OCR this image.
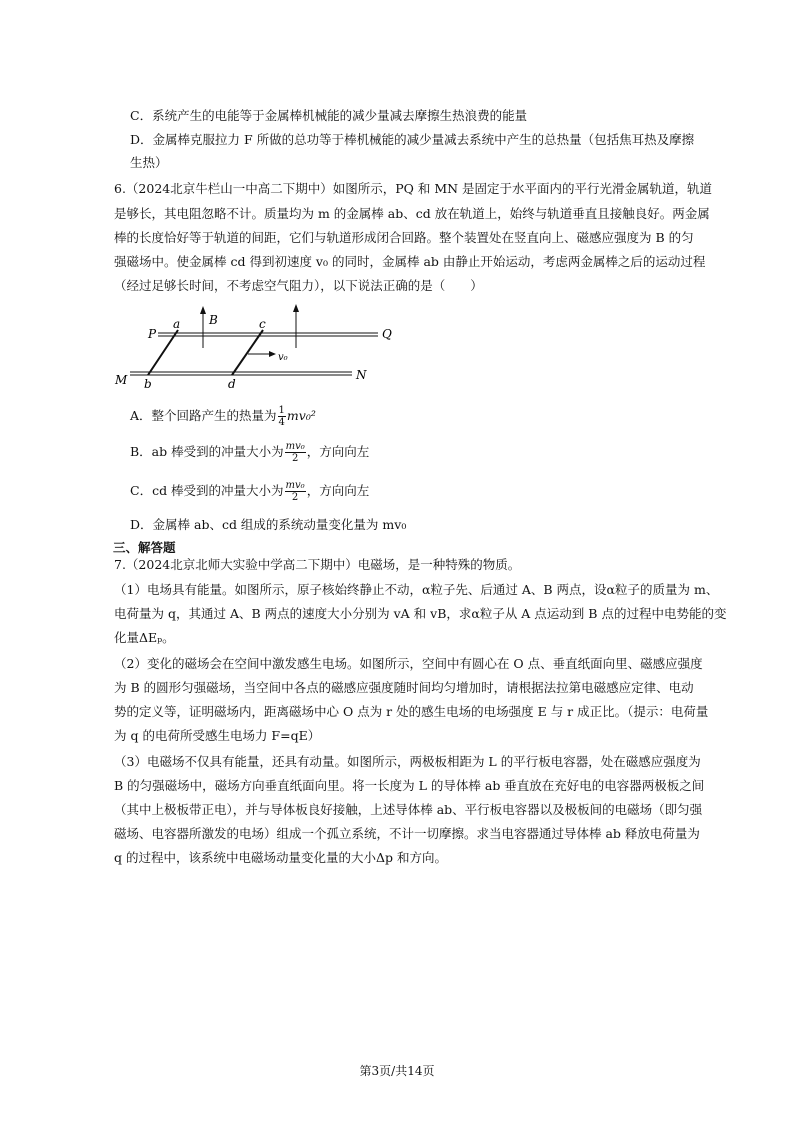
C．系统产生的电能等于金属棒机械能的减少量减去摩擦生热浪费的能量
D．金属棒克服拉力 F 所做的总功等于棒机械能的减少量减去系统中产生的总热量（包括焦耳热及摩擦
生热）
6.（2024北京牛栏山一中高二下期中）如图所示，PQ 和 MN 是固定于水平面内的平行光滑金属轨道，轨道
是够长，其电阻忽略不计。质量均为 m 的金属棒 ab、cd 放在轨道上，始终与轨道垂直且接触良好。两金属
棒的长度恰好等于轨道的间距，它们与轨道形成闭合回路。整个装置处在竖直向上、磁感应强度为 B 的匀
强磁场中。使金属棒 cd 得到初速度 v₀ 的同时，金属棒 ab 由静止开始运动，考虑两金属棒之后的运动过程
（经过足够长时间，不考虑空气阻力），以下说法正确的是（　　）
P	Q
M	N
a
b
c
d
B
v₀
A．整个回路产生的热量为 $\frac{1}{4} mv_0^2$
B．ab 棒受到的冲量大小为 $\frac{\text{mv₀}}{2}$ ，方向向左
C．cd 棒受到的冲量大小为 $\frac{\text{mv₀}}{2}$ ，方向向左
D．金属棒 ab、cd 组成的系统动量变化量为 mv₀
三、解答题
7.（2024北京北师大实验中学高二下期中）电磁场，是一种特殊的物质。
（1）电场具有能量。如图所示，原子核始终静止不动，α粒子先、后通过 A、B 两点，设α粒子的质量为 m、
电荷量为 q，其通过 A、B 两点的速度大小分别为 vA 和 vB，求α粒子从 A 点运动到 B 点的过程中电势能的变
化量ΔEₚ。
（2）变化的磁场会在空间中激发感生电场。如图所示，空间中有圆心在 O 点、垂直纸面向里、磁感应强度
为 B 的圆形匀强磁场，当空间中各点的磁感应强度随时间均匀增加时，请根据法拉第电磁感应定律、电动
势的定义等，证明磁场内，距离磁场中心 O 点为 r 处的感生电场的电场强度 E 与 r 成正比。（提示：电荷量
为 q 的电荷所受感生电场力 F=qE）
（3）电磁场不仅具有能量，还具有动量。如图所示，两极板相距为 L 的平行板电容器，处在磁感应强度为
B 的匀强磁场中，磁场方向垂直纸面向里。将一长度为 L 的导体棒 ab 垂直放在充好电的电容器两极板之间
（其中上极板带正电），并与导体板良好接触，上述导体棒 ab、平行板电容器以及极板间的电磁场（即匀强
磁场、电容器所激发的电场）组成一个孤立系统，不计一切摩擦。求当电容器通过导体棒 ab 释放电荷量为
q 的过程中，该系统中电磁场动量变化量的大小Δp 和方向。
第3页/共14页
